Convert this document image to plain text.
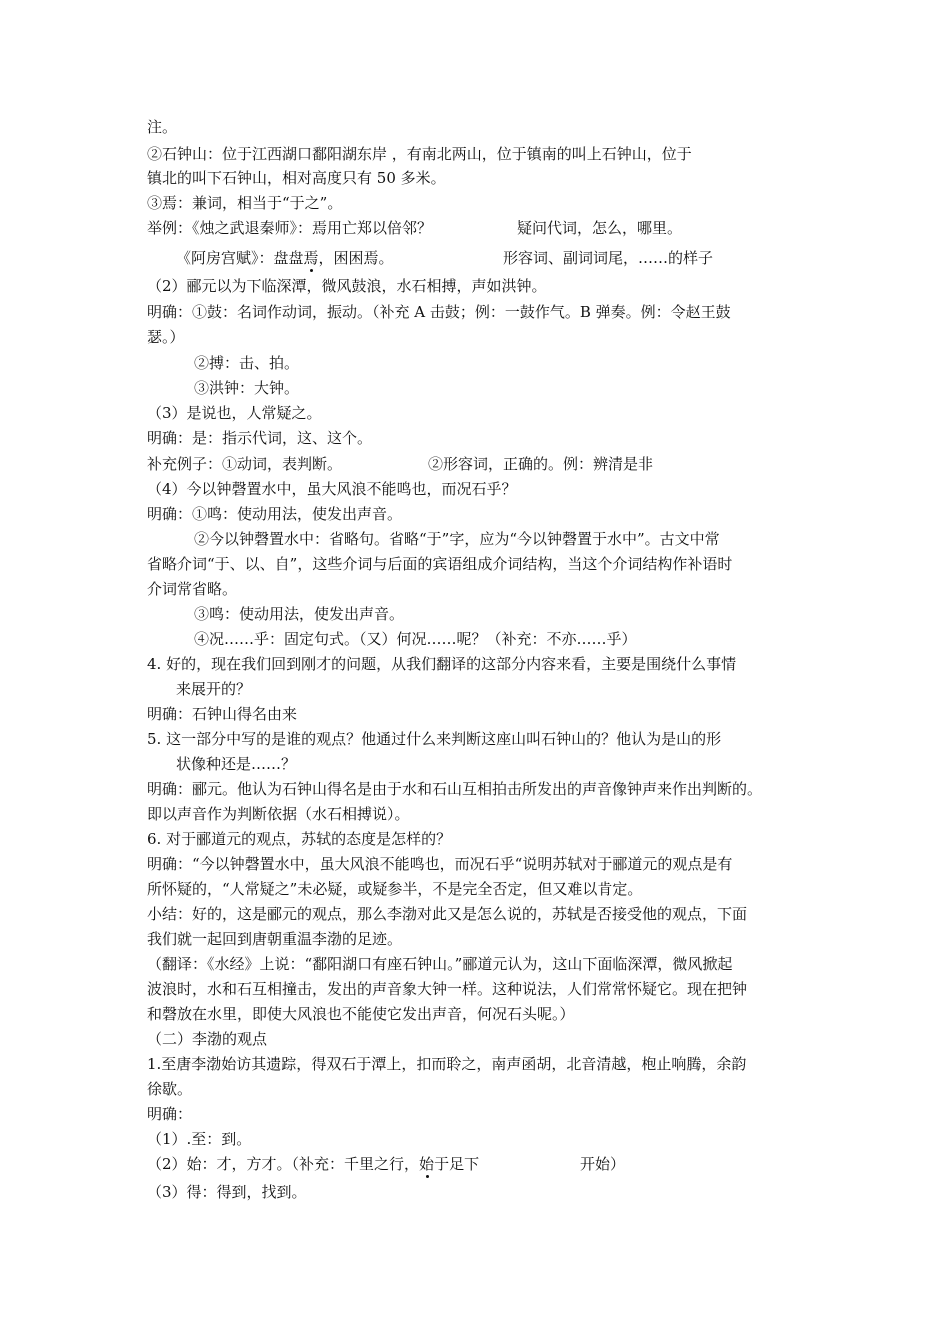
注。
②石钟山：位于江西湖口鄱阳湖东岸 ，有南北两山，位于镇南的叫上石钟山，位于
镇北的叫下石钟山，相对高度只有 50 多米。
③焉：兼词，相当于“于之”。
举例：《烛之武退秦师》：焉用亡郑以倍邻？	疑问代词，怎么，哪里。
《阿房宫赋》：盘盘焉，困困焉。	形容词、副词词尾，……的样子
（2）郦元以为下临深潭，微风鼓浪，水石相搏，声如洪钟。
明确：①鼓：名词作动词，振动。（补充 A 击鼓；例：一鼓作气。B 弹奏。例：令赵王鼓
瑟。）
②搏：击、拍。
③洪钟：大钟。
（3）是说也，人常疑之。
明确：是：指示代词，这、这个。
补充例子：①动词，表判断。	②形容词，正确的。例：辨清是非
（4）今以钟磬置水中，虽大风浪不能鸣也，而况石乎？
明确：①鸣：使动用法，使发出声音。
②今以钟磬置水中：省略句。省略“于”字，应为“今以钟磬置于水中”。古文中常
省略介词“于、以、自”，这些介词与后面的宾语组成介词结构，当这个介词结构作补语时
介词常省略。
③鸣：使动用法，使发出声音。
④况……乎：固定句式。（又）何况……呢？（补充：不亦……乎）
4. 好的，现在我们回到刚才的问题，从我们翻译的这部分内容来看，主要是围绕什么事情
来展开的？
明确：石钟山得名由来
5. 这一部分中写的是谁的观点？他通过什么来判断这座山叫石钟山的？他认为是山的形
状像种还是……？
明确：郦元。他认为石钟山得名是由于水和石山互相拍击所发出的声音像钟声来作出判断的。
即以声音作为判断依据（水石相搏说）。
6. 对于郦道元的观点，苏轼的态度是怎样的？
明确：“今以钟磬置水中，虽大风浪不能鸣也，而况石乎“说明苏轼对于郦道元的观点是有
所怀疑的，“人常疑之”未必疑，或疑参半，不是完全否定，但又难以肯定。
小结：好的，这是郦元的观点，那么李渤对此又是怎么说的，苏轼是否接受他的观点，下面
我们就一起回到唐朝重温李渤的足迹。
（翻译：《水经》上说：“鄱阳湖口有座石钟山。”郦道元认为，这山下面临深潭，微风掀起
波浪时，水和石互相撞击，发出的声音象大钟一样。这种说法，人们常常怀疑它。现在把钟
和磬放在水里，即使大风浪也不能使它发出声音，何况石头呢。）
（二）李渤的观点
1.至唐李渤始访其遗踪，得双石于潭上，扣而聆之，南声函胡，北音清越，枹止响腾，余韵
徐歇。
明确：
（1）.至：到。
（2）始：才，方才。（补充：千里之行，始于足下	开始）
（3）得：得到，找到。
